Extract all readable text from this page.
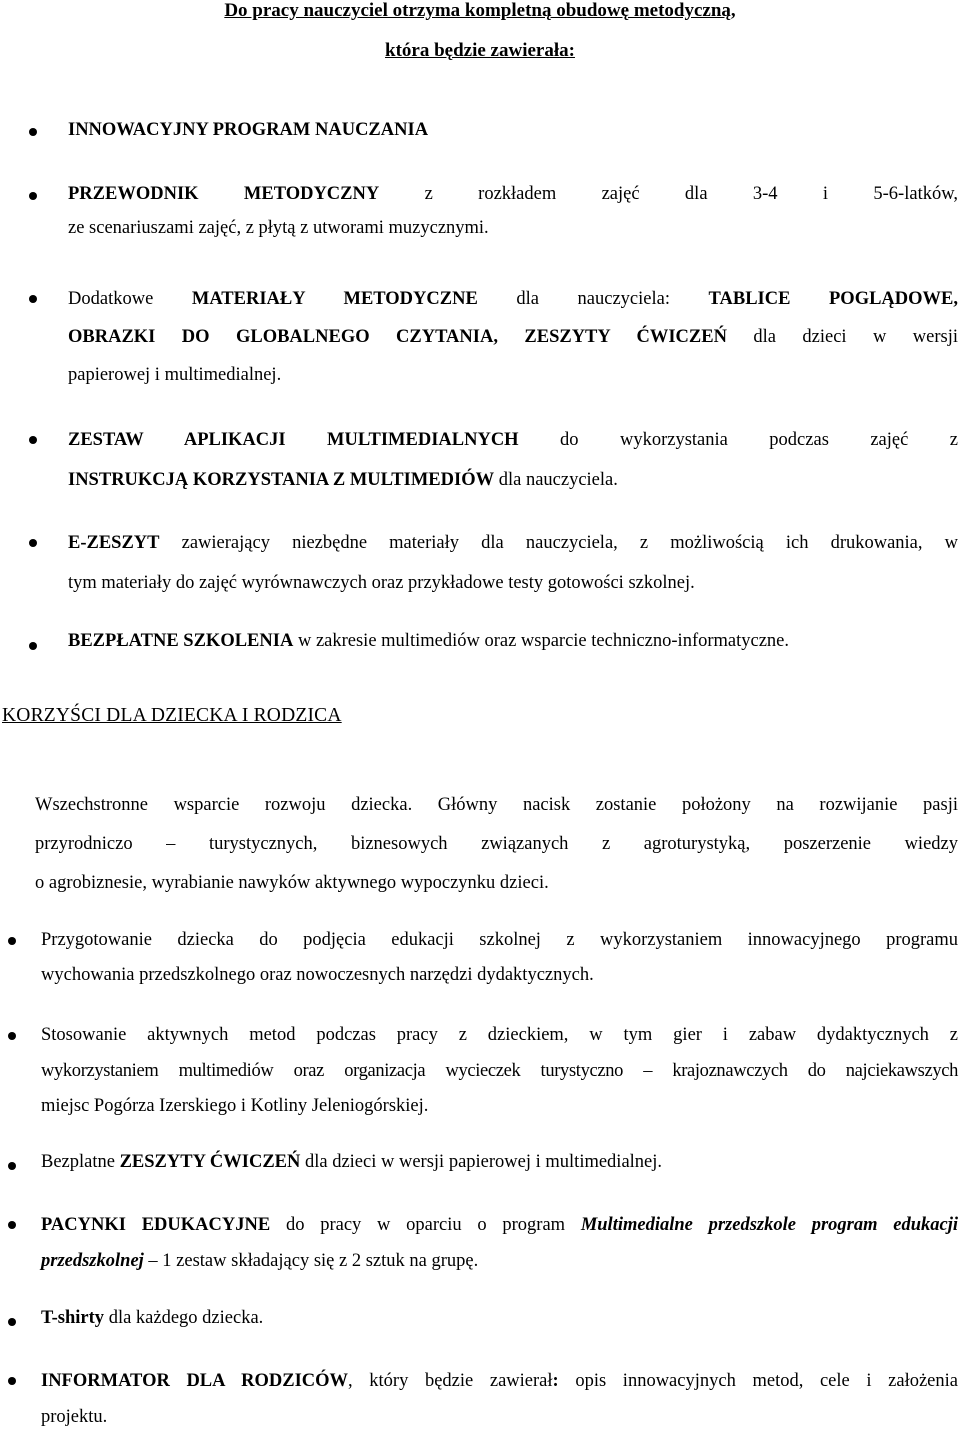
Do pracy nauczyciel otrzyma kompletną obudowę metodyczną,
która będzie zawierała:
INNOWACYJNY PROGRAM NAUCZANIA
PRZEWODNIK METODYCZNY z rozkładem zajęć dla 3-4 i 5-6-latków,
ze scenariuszami zajęć, z płytą z utworami muzycznymi.
Dodatkowe MATERIAŁY METODYCZNE dla nauczyciela: TABLICE POGLĄDOWE,
OBRAZKI DO GLOBALNEGO CZYTANIA, ZESZYTY ĆWICZEŃ dla dzieci w wersji
papierowej i multimedialnej.
ZESTAW APLIKACJI MULTIMEDIALNYCH do wykorzystania podczas zajęć z
INSTRUKCJĄ KORZYSTANIA Z MULTIMEDIÓW dla nauczyciela.
E-ZESZYT zawierający niezbędne materiały dla nauczyciela, z możliwością ich drukowania, w
tym materiały do zajęć wyrównawczych oraz przykładowe testy gotowości szkolnej.
BEZPŁATNE SZKOLENIA w zakresie multimediów oraz wsparcie techniczno-informatyczne.
KORZYŚCI DLA DZIECKA I RODZICA
Wszechstronne wsparcie rozwoju dziecka. Główny nacisk zostanie położony na rozwijanie pasji
przyrodniczo – turystycznych, biznesowych związanych z agroturystyką, poszerzenie wiedzy
o agrobiznesie, wyrabianie nawyków aktywnego wypoczynku dzieci.
Przygotowanie dziecka do podjęcia edukacji szkolnej z wykorzystaniem innowacyjnego programu
wychowania przedszkolnego oraz nowoczesnych narzędzi dydaktycznych.
Stosowanie aktywnych metod podczas pracy z dzieckiem, w tym gier i zabaw dydaktycznych z
wykorzystaniem multimediów oraz organizacja wycieczek turystyczno – krajoznawczych do najciekawszych
miejsc Pogórza Izerskiego i Kotliny Jeleniogórskiej.
Bezplatne ZESZYTY ĆWICZEŃ dla dzieci w wersji papierowej i multimedialnej.
PACYNKI EDUKACYJNE do pracy w oparciu o program Multimedialne przedszkole program edukacji
przedszkolnej – 1 zestaw składający się z 2 sztuk na grupę.
T-shirty dla każdego dziecka.
INFORMATOR DLA RODZICÓW, który będzie zawierał: opis innowacyjnych metod, cele i założenia
projektu.
